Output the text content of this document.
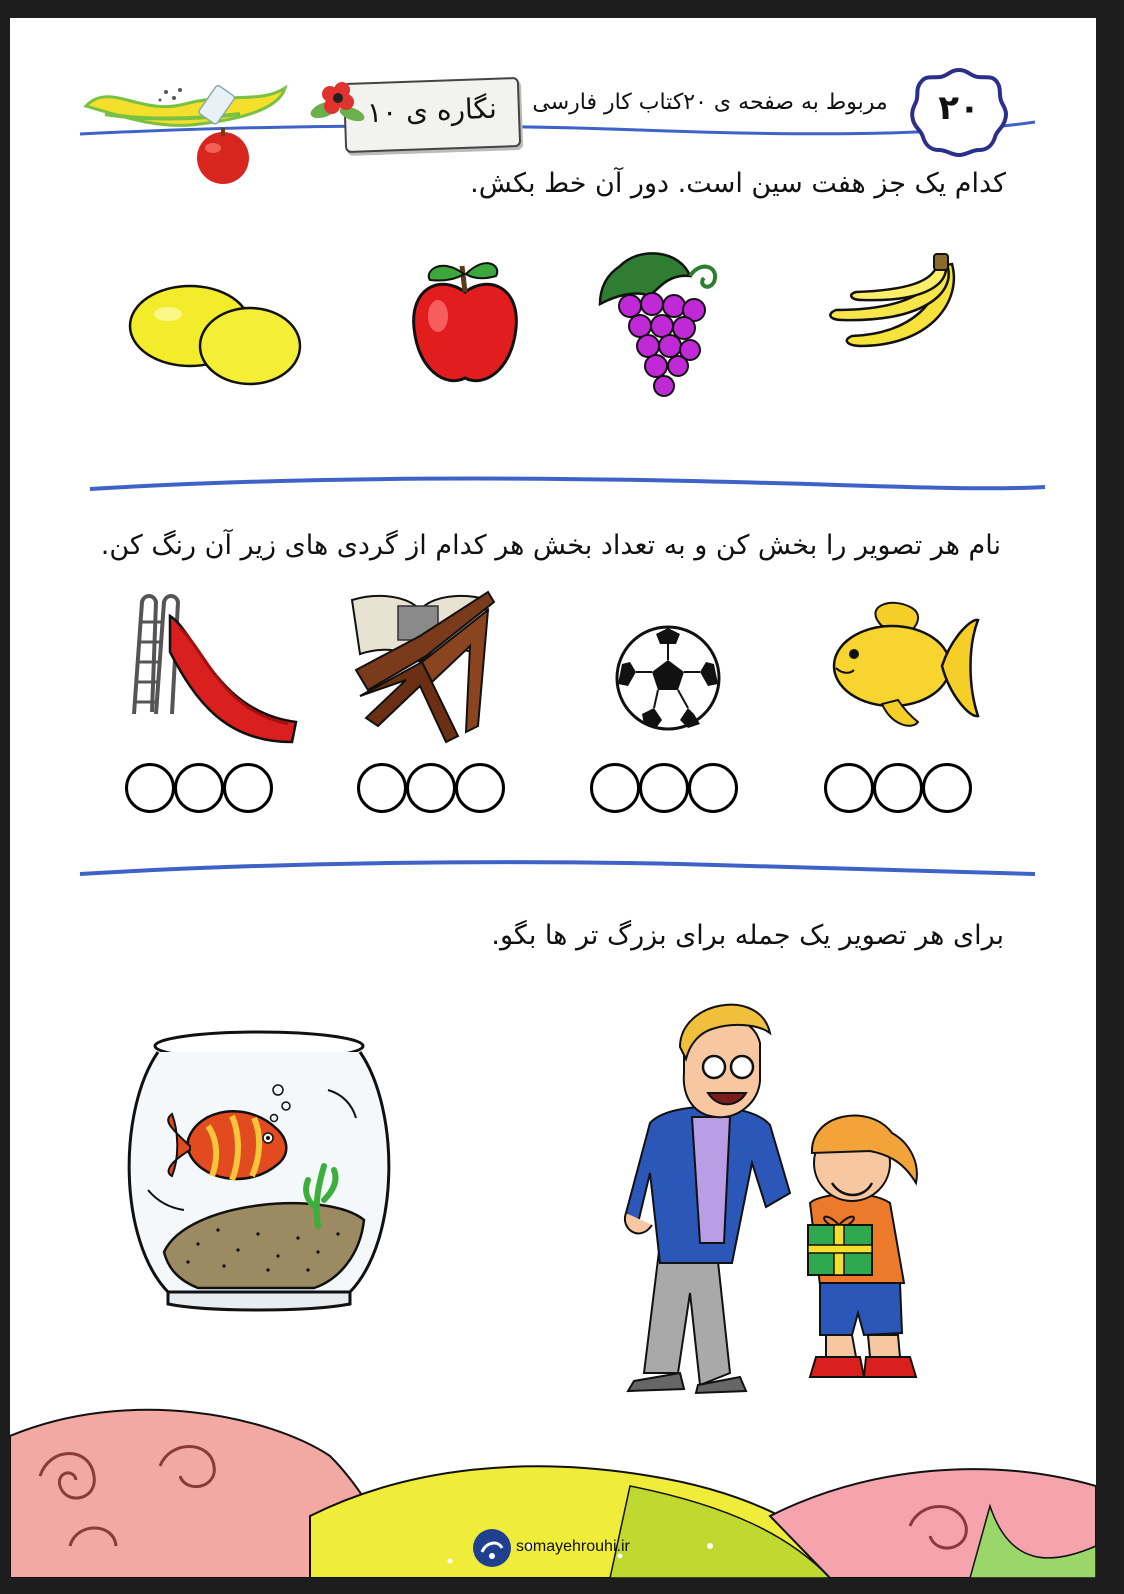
۲۰
مربوط به صفحه ی ۲۰کتاب کار فارسی
نگاره ی ۱۰
کدام یک جز هفت سین است. دور آن خط بکش.
نام هر تصویر را بخش کن و به تعداد بخش هر کدام از گردی های زیر آن رنگ کن.
برای هر تصویر یک جمله برای بزرگ تر ها بگو.
somayehrouhi.ir
